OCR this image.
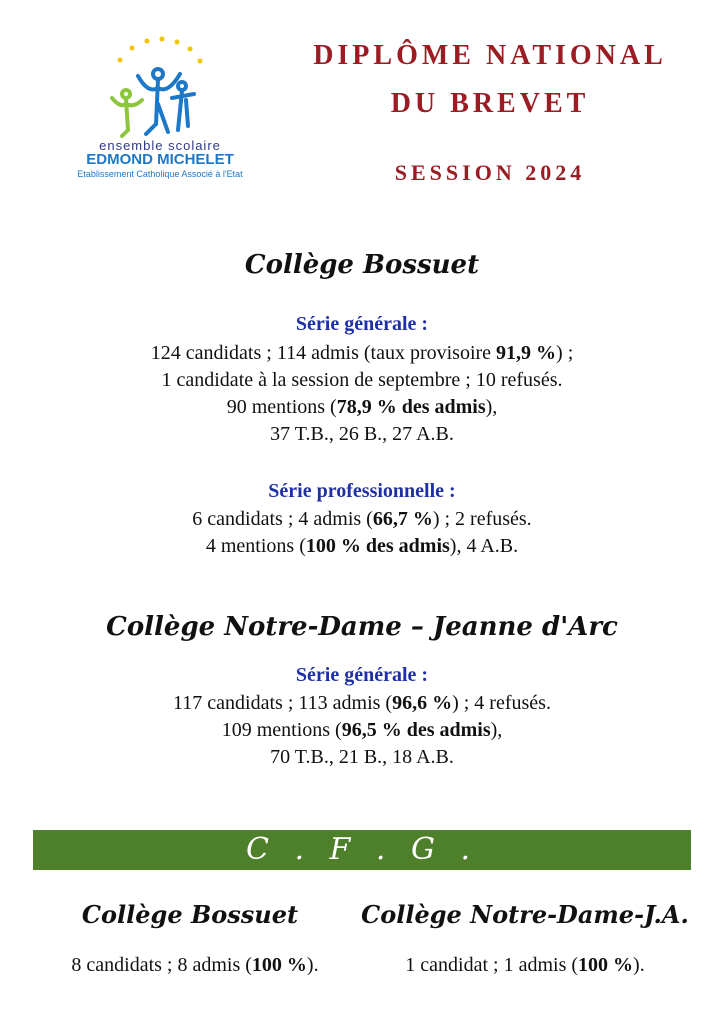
ensemble scolaire
EDMOND MICHELET
Etablissement Catholique Associé à l'Etat
DIPLÔME NATIONAL
DU BREVET
SESSION 2024
Collège Bossuet
Série générale :
124 candidats ; 114 admis (taux provisoire 91,9 %) ;
1 candidate à la session de septembre ; 10 refusés.
90 mentions (78,9 % des admis),
37 T.B., 26 B., 27 A.B.
Série professionnelle :
6 candidats ; 4 admis (66,7 %) ; 2 refusés.
4 mentions (100 % des admis), 4 A.B.
Collège Notre-Dame – Jeanne d'Arc
Série générale :
117 candidats ; 113 admis (96,6 %) ; 4 refusés.
109 mentions (96,5 % des admis),
70 T.B., 21 B., 18 A.B.
C . F . G .
Collège Bossuet	Collège Notre-Dame-J.A.
8 candidats ; 8 admis (100 %).	1 candidat ; 1 admis (100 %).
